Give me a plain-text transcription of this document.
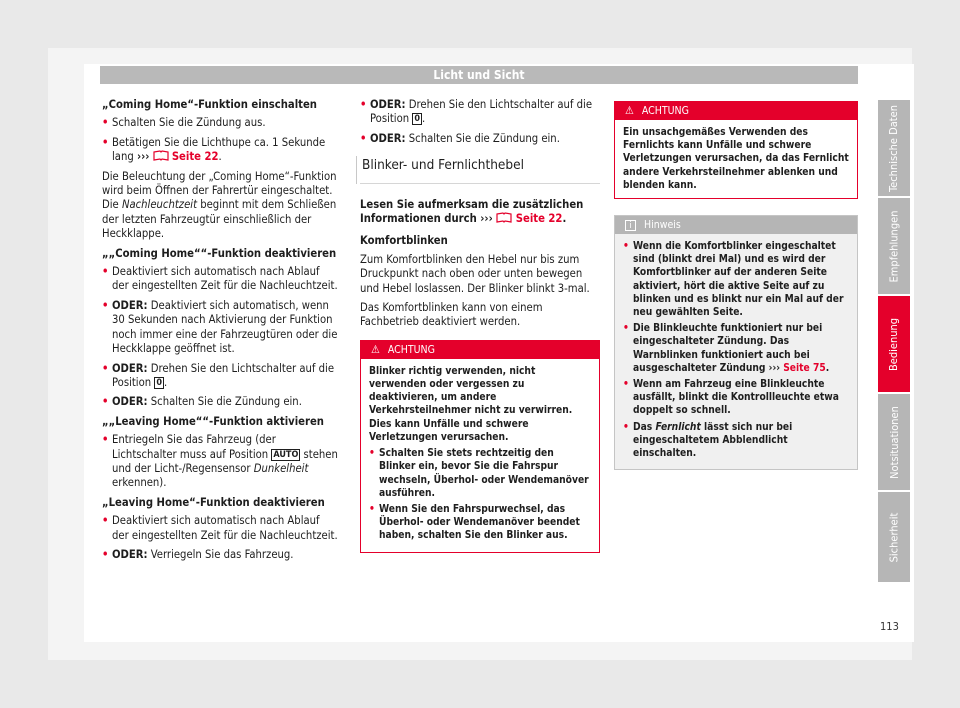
Licht und Sicht
„Coming Home“-Funktion einschalten
• Schalten Sie die Zündung aus.
• Betätigen Sie die Lichthupe ca. 1 Sekunde lang ››› Seite 22.
Die Beleuchtung der „Coming Home“-Funktion wird beim Öffnen der Fahrertür eingeschaltet. Die Nachleuchtzeit beginnt mit dem Schließen der letzten Fahrzeugtür einschließlich der Heckklappe.
„„Coming Home““-Funktion deaktivieren
• Deaktiviert sich automatisch nach Ablauf der eingestellten Zeit für die Nachleuchtzeit.
• ODER: Deaktiviert sich automatisch, wenn 30 Sekunden nach Aktivierung der Funktion noch immer eine der Fahrzeugtüren oder die Heckklappe geöffnet ist.
• ODER: Drehen Sie den Lichtschalter auf die Position 0 .
• ODER: Schalten Sie die Zündung ein.
„„Leaving Home““-Funktion aktivieren
• Entriegeln Sie das Fahrzeug (der Lichtschalter muss auf Position AUTO stehen und der Licht-/Regensensor Dunkelheit erkennen).
„Leaving Home“-Funktion deaktivieren
• Deaktiviert sich automatisch nach Ablauf der eingestellten Zeit für die Nachleuchtzeit.
• ODER: Verriegeln Sie das Fahrzeug.
• ODER: Drehen Sie den Lichtschalter auf die Position 0 .
• ODER: Schalten Sie die Zündung ein.
Blinker- und Fernlichthebel
Lesen Sie aufmerksam die zusätzlichen Informationen durch ››› Seite 22.
Komfortblinken
Zum Komfortblinken den Hebel nur bis zum Druckpunkt nach oben oder unten bewegen und Hebel loslassen. Der Blinker blinkt 3-mal.
Das Komfortblinken kann von einem Fachbetrieb deaktiviert werden.
⚠ ACHTUNG
Blinker richtig verwenden, nicht verwenden oder vergessen zu deaktivieren, um andere Verkehrsteilnehmer nicht zu verwirren. Dies kann Unfälle und schwere Verletzungen verursachen.
• Schalten Sie stets rechtzeitig den Blinker ein, bevor Sie die Fahrspur wechseln, Überhol- oder Wendemanöver ausführen.
• Wenn Sie den Fahrspurwechsel, das Überhol- oder Wendemanöver beendet haben, schalten Sie den Blinker aus.
⚠ ACHTUNG
Ein unsachgemäßes Verwenden des Fernlichts kann Unfälle und schwere Verletzungen verursachen, da das Fernlicht andere Verkehrsteilnehmer ablenken und blenden kann.
i Hinweis
• Wenn die Komfortblinker eingeschaltet sind (blinkt drei Mal) und es wird der Komfortblinker auf der anderen Seite aktiviert, hört die aktive Seite auf zu blinken und es blinkt nur ein Mal auf der neu gewählten Seite.
• Die Blinkleuchte funktioniert nur bei eingeschalteter Zündung. Das Warnblinken funktioniert auch bei ausgeschalteter Zündung ››› Seite 75.
• Wenn am Fahrzeug eine Blinkleuchte ausfällt, blinkt die Kontrollleuchte etwa doppelt so schnell.
• Das Fernlicht lässt sich nur bei eingeschaltetem Abblendlicht einschalten.
Technische Daten
Empfehlungen
Bedienung
Notsituationen
Sicherheit
113
